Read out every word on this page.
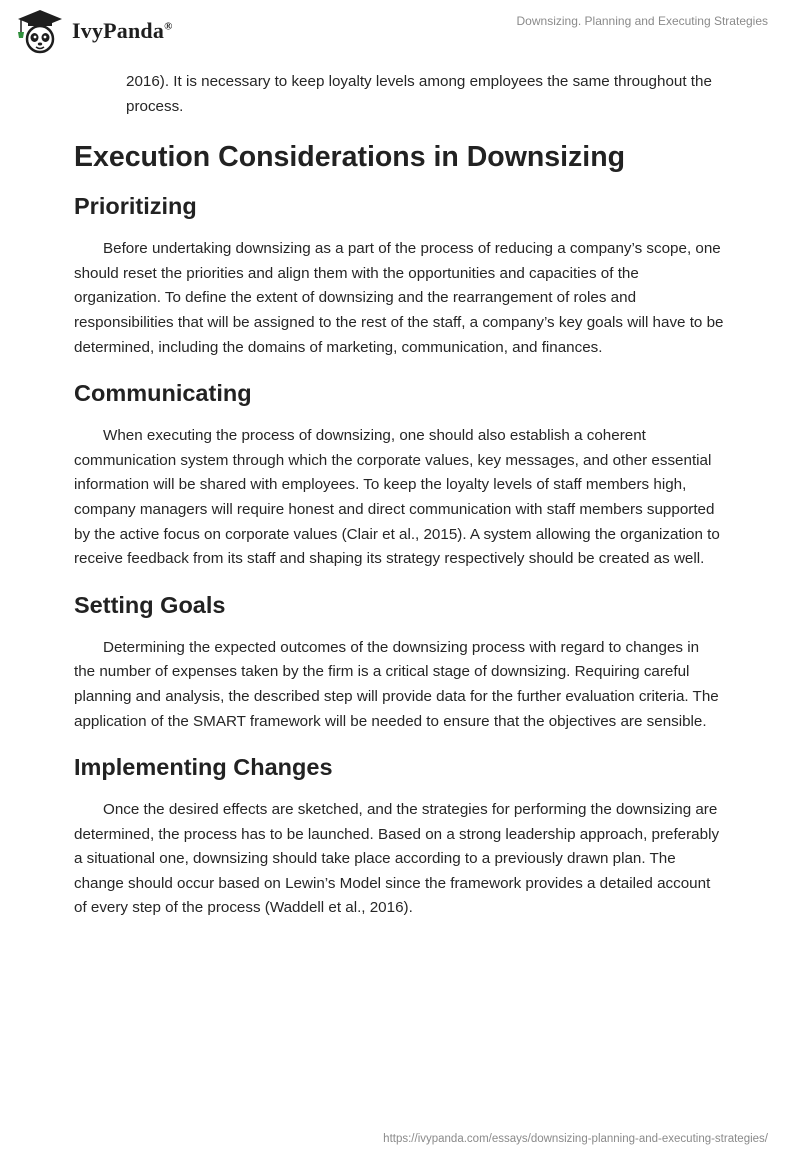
IvyPanda®	Downsizing. Planning and Executing Strategies

2016). It is necessary to keep loyalty levels among employees the same throughout the process.

Execution Considerations in Downsizing
Prioritizing

Before undertaking downsizing as a part of the process of reducing a company’s scope, one should reset the priorities and align them with the opportunities and capacities of the organization. To define the extent of downsizing and the rearrangement of roles and responsibilities that will be assigned to the rest of the staff, a company’s key goals will have to be determined, including the domains of marketing, communication, and finances.

Communicating

When executing the process of downsizing, one should also establish a coherent communication system through which the corporate values, key messages, and other essential information will be shared with employees. To keep the loyalty levels of staff members high, company managers will require honest and direct communication with staff members supported by the active focus on corporate values (Clair et al., 2015). A system allowing the organization to receive feedback from its staff and shaping its strategy respectively should be created as well.

Setting Goals

Determining the expected outcomes of the downsizing process with regard to changes in the number of expenses taken by the firm is a critical stage of downsizing. Requiring careful planning and analysis, the described step will provide data for the further evaluation criteria. The application of the SMART framework will be needed to ensure that the objectives are sensible.

Implementing Changes

Once the desired effects are sketched, and the strategies for performing the downsizing are determined, the process has to be launched. Based on a strong leadership approach, preferably a situational one, downsizing should take place according to a previously drawn plan. The change should occur based on Lewin’s Model since the framework provides a detailed account of every step of the process (Waddell et al., 2016).

https://ivypanda.com/essays/downsizing-planning-and-executing-strategies/
